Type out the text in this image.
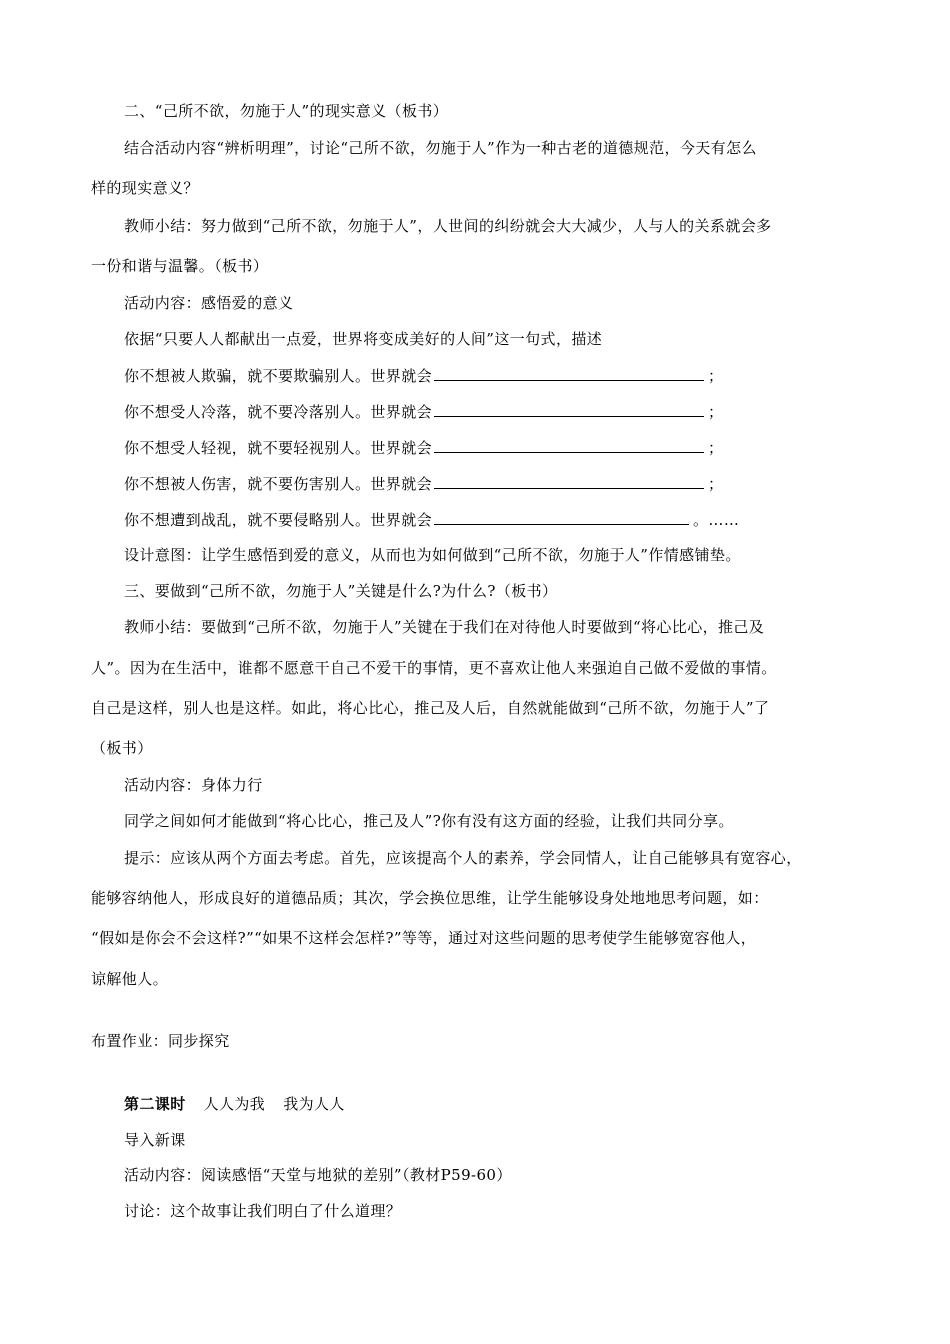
二、“己所不欲，勿施于人”的现实意义（板书）
结合活动内容“辨析明理”，讨论“己所不欲，勿施于人”作为一种古老的道德规范，今天有怎么
样的现实意义？
教师小结：努力做到“己所不欲，勿施于人”，人世间的纠纷就会大大减少，人与人的关系就会多
一份和谐与温馨。（板书）
活动内容：感悟爱的意义
依据“只要人人都献出一点爱，世界将变成美好的人间”这一句式，描述
你不想被人欺骗，就不要欺骗别人。世界就会	；
你不想受人冷落，就不要冷落别人。世界就会	；
你不想受人轻视，就不要轻视别人。世界就会	；
你不想被人伤害，就不要伤害别人。世界就会	；
你不想遭到战乱，就不要侵略别人。世界就会	。……
设计意图：让学生感悟到爱的意义，从而也为如何做到“己所不欲，勿施于人”作情感铺垫。
三、要做到“己所不欲，勿施于人”关键是什么?为什么?（板书）
教师小结：要做到“己所不欲，勿施于人”关键在于我们在对待他人时要做到“将心比心，推己及
人”。因为在生活中，谁都不愿意干自己不爱干的事情，更不喜欢让他人来强迫自己做不爱做的事情。
自己是这样，别人也是这样。如此，将心比心，推己及人后，自然就能做到“己所不欲，勿施于人”了
（板书）
活动内容：身体力行
同学之间如何才能做到“将心比心，推己及人”?你有没有这方面的经验，让我们共同分享。
提示：应该从两个方面去考虑。首先，应该提高个人的素养，学会同情人，让自己能够具有宽容心，
能够容纳他人，形成良好的道德品质；其次，学会换位思维，让学生能够设身处地地思考问题，如：
“假如是你会不会这样?”“如果不这样会怎样?”等等，通过对这些问题的思考使学生能够宽容他人，
谅解他人。
布置作业：同步探究
第二课时 人人为我 我为人人
导入新课
活动内容：阅读感悟“天堂与地狱的差别”（教材P59-60）
讨论：这个故事让我们明白了什么道理？
